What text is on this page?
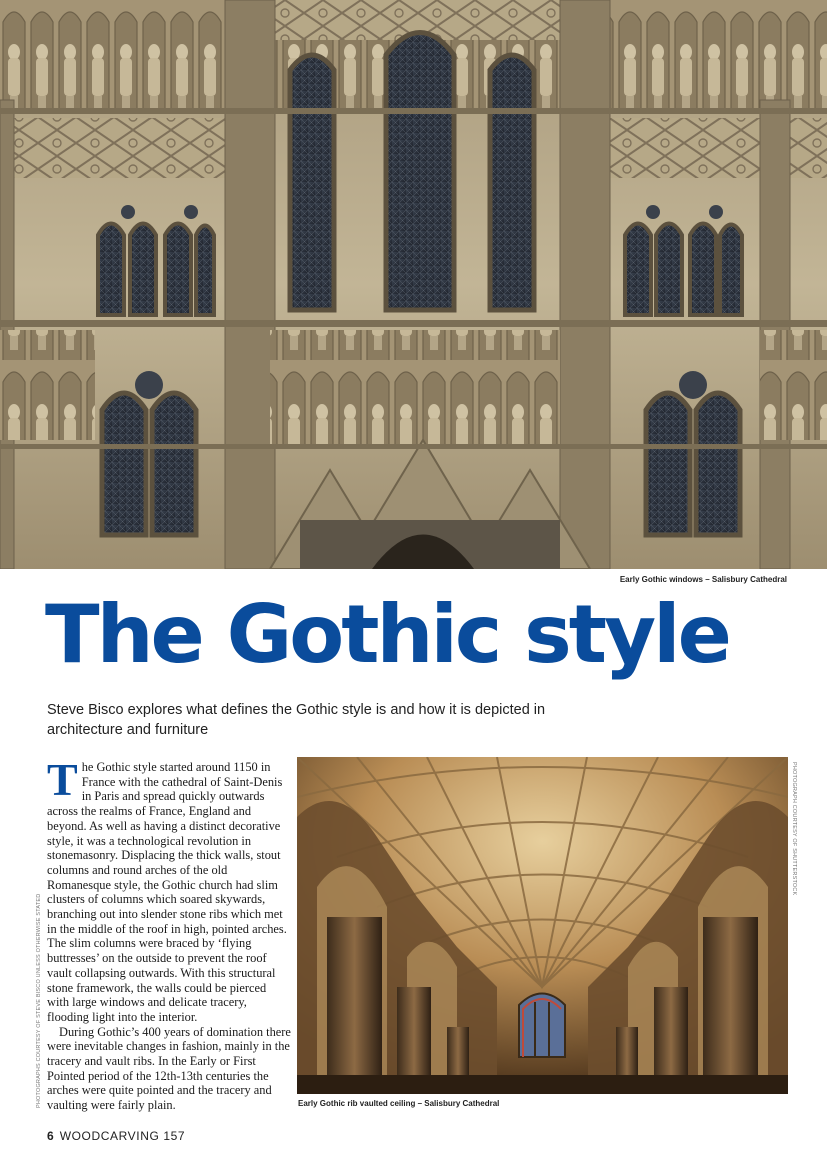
Early Gothic windows – Salisbury Cathedral
The Gothic style

Steve Bisco explores what defines the Gothic style is and how it is depicted in architecture and furniture

The Gothic style started around 1150 in France with the cathedral of Saint-Denis in Paris and spread quickly outwards across the realms of France, England and beyond. As well as having a distinct decorative style, it was a technological revolution in stonemasonry. Displacing the thick walls, stout columns and round arches of the old Romanesque style, the Gothic church had slim clusters of columns which soared skywards, branching out into slender stone ribs which met in the middle of the roof in high, pointed arches. The slim columns were braced by ‘flying buttresses’ on the outside to prevent the roof vault collapsing outwards. With this structural stone framework, the walls could be pierced with large windows and delicate tracery, flooding light into the interior.

During Gothic’s 400 years of domination there were inevitable changes in fashion, mainly in the tracery and vault ribs. In the Early or First Pointed period of the 12th-13th centuries the arches were quite pointed and the tracery and vaulting were fairly plain.

PHOTOGRAPHS COURTESY OF STEVE BISCO UNLESS OTHERWISE STATED
PHOTOGRAPH COURTESY OF SHUTTERSTOCK
Early Gothic rib vaulted ceiling – Salisbury Cathedral
6 WOODCARVING 157
